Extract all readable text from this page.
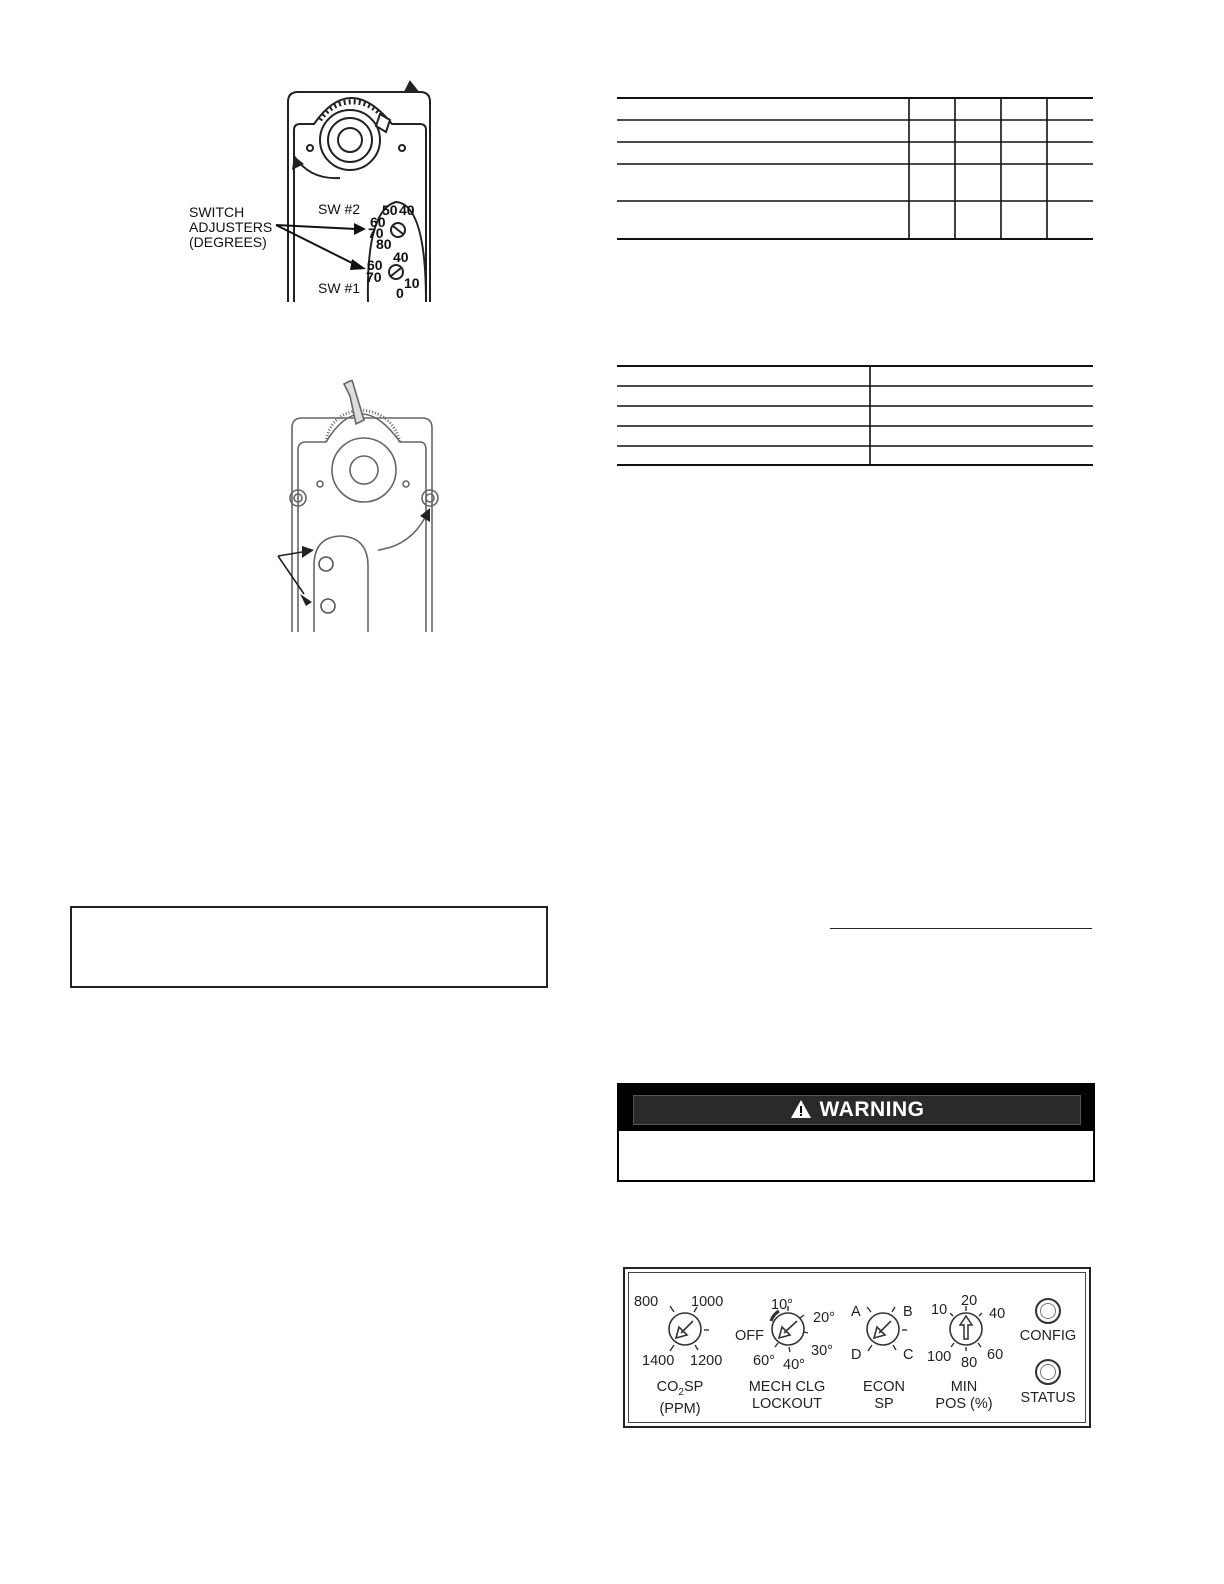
SWITCH
ADJUSTERS
(DEGREES)
SW #2 50 40
60
70
80
SW #1
40
60
70 10
0
WARNING
800 1000
1400 1200
$CO_2SP$
(PPM)
10°
20°
OFF
30°
60° 40°
MECH CLG
LOCKOUT
A	B
D	C
ECON
SP
20
10	40
100 60
80
MIN
POS (%)
CONFIG
STATUS
